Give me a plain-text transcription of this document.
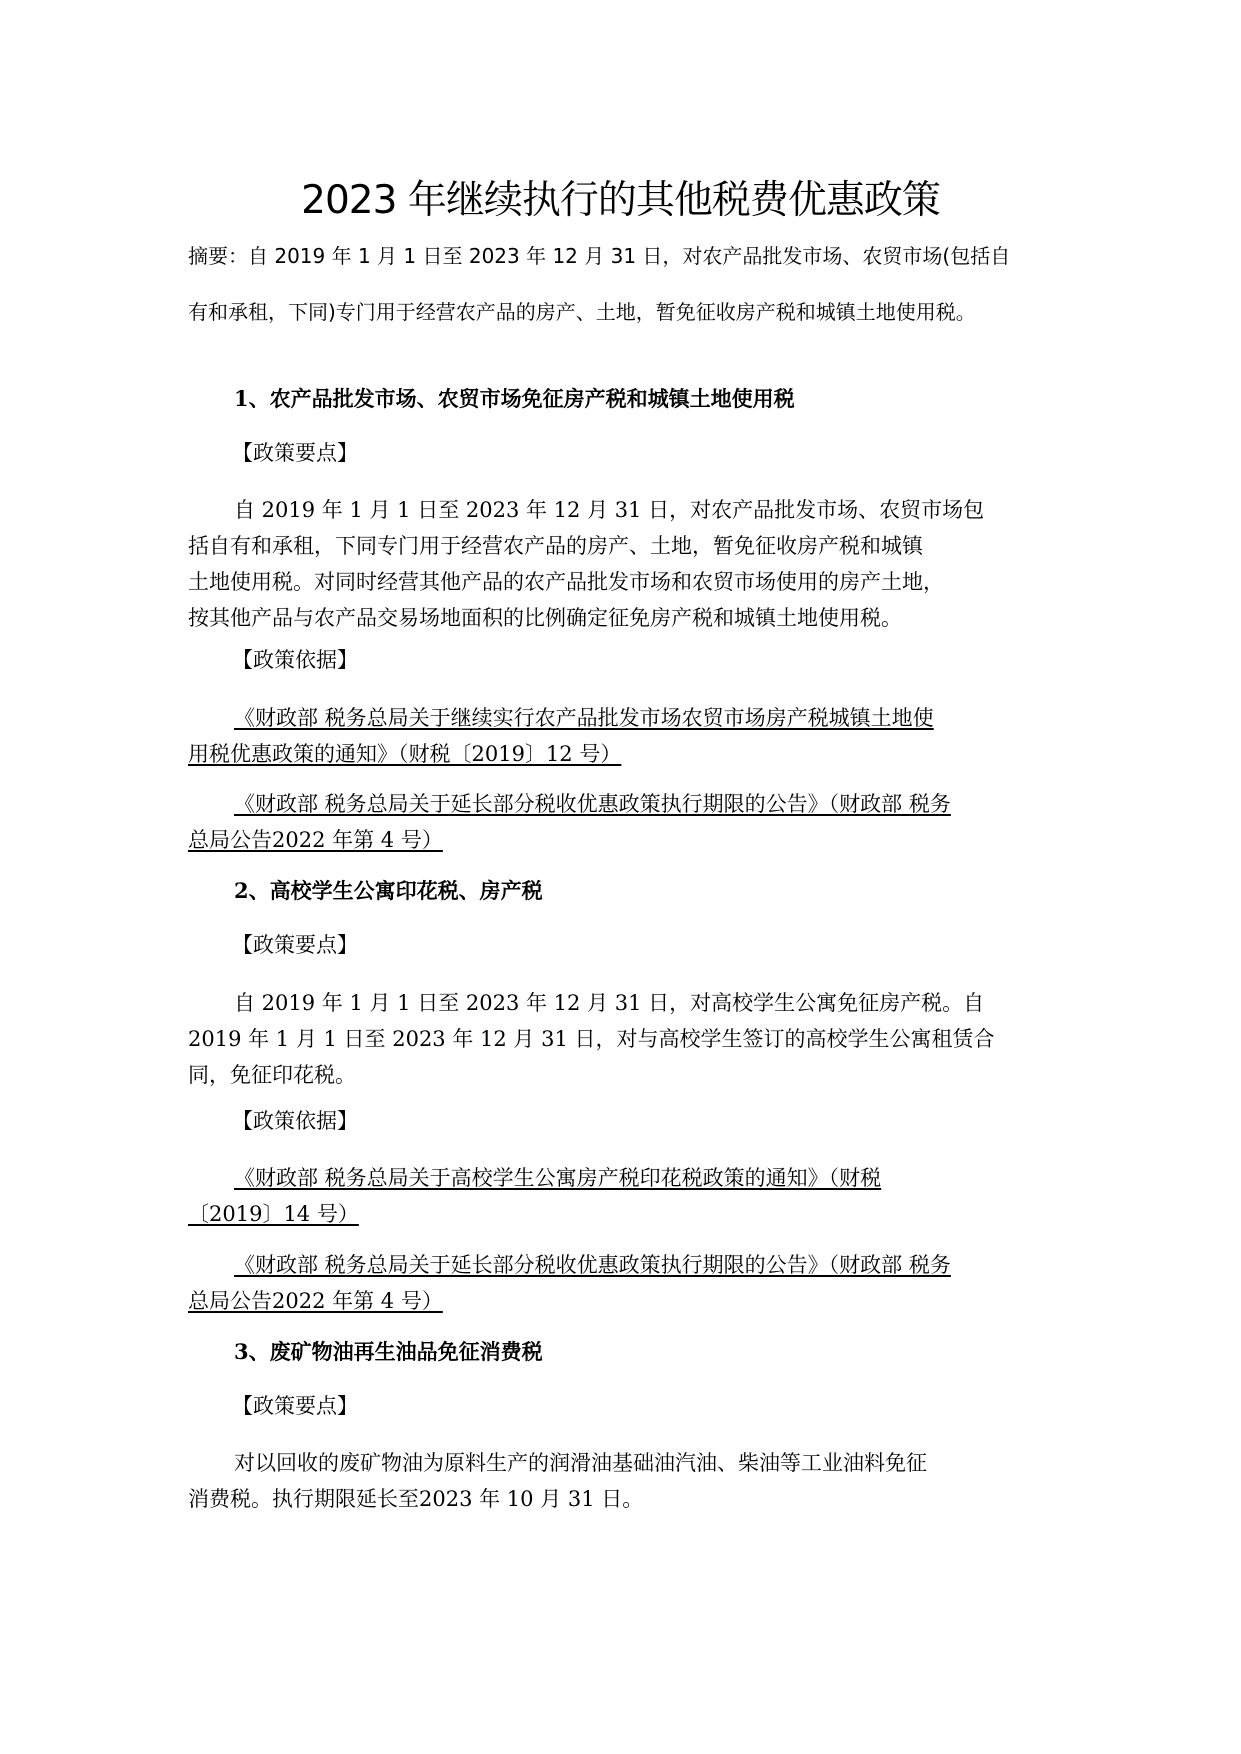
2023 年继续执行的其他税费优惠政策
摘要：自 2019 年 1 月 1 日至 2023 年 12 月 31 日，对农产品批发市场、农贸市场(包括自
有和承租，下同)专门用于经营农产品的房产、土地，暂免征收房产税和城镇土地使用税。
1、农产品批发市场、农贸市场免征房产税和城镇土地使用税
【政策要点】
自 2019 年 1 月 1 日至 2023 年 12 月 31 日，对农产品批发市场、农贸市场包
括自有和承租，下同专门用于经营农产品的房产、土地，暂免征收房产税和城镇
土地使用税。对同时经营其他产品的农产品批发市场和农贸市场使用的房产土地，
按其他产品与农产品交易场地面积的比例确定征免房产税和城镇土地使用税。
【政策依据】
《财政部 税务总局关于继续实行农产品批发市场农贸市场房产税城镇土地使
用税优惠政策的通知》（财税〔2019〕12 号）
《财政部 税务总局关于延长部分税收优惠政策执行期限的公告》（财政部 税务
总局公告2022 年第 4 号）
2、高校学生公寓印花税、房产税
【政策要点】
自 2019 年 1 月 1 日至 2023 年 12 月 31 日，对高校学生公寓免征房产税。自
2019 年 1 月 1 日至 2023 年 12 月 31 日，对与高校学生签订的高校学生公寓租赁合
同，免征印花税。
【政策依据】
《财政部 税务总局关于高校学生公寓房产税印花税政策的通知》（财税
〔2019〕14 号）
《财政部 税务总局关于延长部分税收优惠政策执行期限的公告》（财政部 税务
总局公告2022 年第 4 号）
3、废矿物油再生油品免征消费税
【政策要点】
对以回收的废矿物油为原料生产的润滑油基础油汽油、柴油等工业油料免征
消费税。执行期限延长至2023 年 10 月 31 日。
